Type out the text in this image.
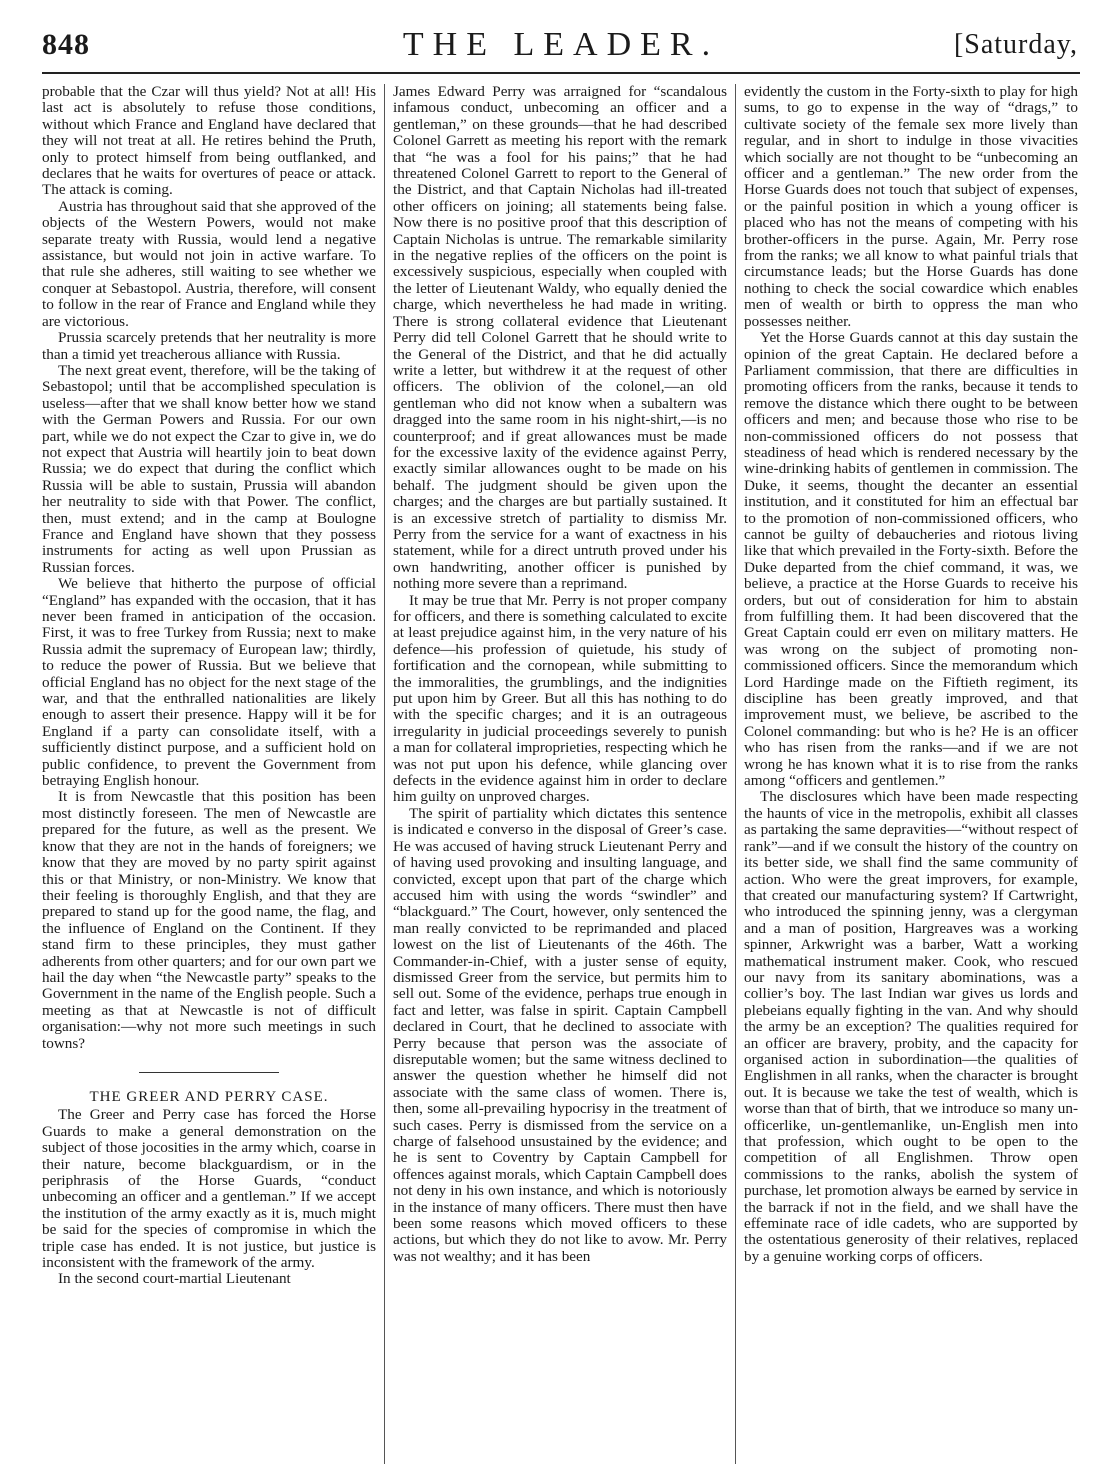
848	THE LEADER.	[Saturday,

probable that the Czar will thus yield? Not at all! His last act is absolutely to refuse those conditions, without which France and England have declared that they will not treat at all. He retires behind the Pruth, only to protect himself from being outflanked, and declares that he waits for overtures of peace or attack. The attack is coming.

Austria has throughout said that she approved of the objects of the Western Powers, would not make separate treaty with Russia, would lend a negative assistance, but would not join in active warfare. To that rule she adheres, still waiting to see whether we conquer at Sebastopol. Austria, therefore, will consent to follow in the rear of France and England while they are victorious.

Prussia scarcely pretends that her neutrality is more than a timid yet treacherous alliance with Russia.

The next great event, therefore, will be the taking of Sebastopol; until that be accomplished speculation is useless—after that we shall know better how we stand with the German Powers and Russia. For our own part, while we do not expect the Czar to give in, we do not expect that Austria will heartily join to beat down Russia; we do expect that during the conflict which Russia will be able to sustain, Prussia will abandon her neutrality to side with that Power. The conflict, then, must extend; and in the camp at Boulogne France and England have shown that they possess instruments for acting as well upon Prussian as Russian forces.

We believe that hitherto the purpose of official “England” has expanded with the occasion, that it has never been framed in anticipation of the occasion. First, it was to free Turkey from Russia; next to make Russia admit the supremacy of European law; thirdly, to reduce the power of Russia. But we believe that official England has no object for the next stage of the war, and that the enthralled nationalities are likely enough to assert their presence. Happy will it be for England if a party can consolidate itself, with a sufficiently distinct purpose, and a sufficient hold on public confidence, to prevent the Government from betraying English honour.

It is from Newcastle that this position has been most distinctly foreseen. The men of Newcastle are prepared for the future, as well as the present. We know that they are not in the hands of foreigners; we know that they are moved by no party spirit against this or that Ministry, or non-Ministry. We know that their feeling is thoroughly English, and that they are prepared to stand up for the good name, the flag, and the influence of England on the Continent. If they stand firm to these principles, they must gather adherents from other quarters; and for our own part we hail the day when “the Newcastle party” speaks to the Government in the name of the English people. Such a meeting as that at Newcastle is not of difficult organisation:—why not more such meetings in such towns?

THE GREER AND PERRY CASE.

The Greer and Perry case has forced the Horse Guards to make a general demonstration on the subject of those jocosities in the army which, coarse in their nature, become blackguardism, or in the periphrasis of the Horse Guards, “conduct unbecoming an officer and a gentleman.” If we accept the institution of the army exactly as it is, much might be said for the species of compromise in which the triple case has ended. It is not justice, but justice is inconsistent with the framework of the army.

In the second court-martial Lieutenant

James Edward Perry was arraigned for “scandalous infamous conduct, unbecoming an officer and a gentleman,” on these grounds—that he had described Colonel Garrett as meeting his report with the remark that “he was a fool for his pains;” that he had threatened Colonel Garrett to report to the General of the District, and that Captain Nicholas had ill-treated other officers on joining; all statements being false. Now there is no positive proof that this description of Captain Nicholas is untrue. The remarkable similarity in the negative replies of the officers on the point is excessively suspicious, especially when coupled with the letter of Lieutenant Waldy, who equally denied the charge, which nevertheless he had made in writing. There is strong collateral evidence that Lieutenant Perry did tell Colonel Garrett that he should write to the General of the District, and that he did actually write a letter, but withdrew it at the request of other officers. The oblivion of the colonel,—an old gentleman who did not know when a subaltern was dragged into the same room in his night-shirt,—is no counterproof; and if great allowances must be made for the excessive laxity of the evidence against Perry, exactly similar allowances ought to be made on his behalf. The judgment should be given upon the charges; and the charges are but partially sustained. It is an excessive stretch of partiality to dismiss Mr. Perry from the service for a want of exactness in his statement, while for a direct untruth proved under his own handwriting, another officer is punished by nothing more severe than a reprimand.

It may be true that Mr. Perry is not proper company for officers, and there is something calculated to excite at least prejudice against him, in the very nature of his defence—his profession of quietude, his study of fortification and the cornopean, while submitting to the immoralities, the grumblings, and the indignities put upon him by Greer. But all this has nothing to do with the specific charges; and it is an outrageous irregularity in judicial proceedings severely to punish a man for collateral improprieties, respecting which he was not put upon his defence, while glancing over defects in the evidence against him in order to declare him guilty on unproved charges.

The spirit of partiality which dictates this sentence is indicated e converso in the disposal of Greer’s case. He was accused of having struck Lieutenant Perry and of having used provoking and insulting language, and convicted, except upon that part of the charge which accused him with using the words “swindler” and “blackguard.” The Court, however, only sentenced the man really convicted to be reprimanded and placed lowest on the list of Lieutenants of the 46th. The Commander-in-Chief, with a juster sense of equity, dismissed Greer from the service, but permits him to sell out. Some of the evidence, perhaps true enough in fact and letter, was false in spirit. Captain Campbell declared in Court, that he declined to associate with Perry because that person was the associate of disreputable women; but the same witness declined to answer the question whether he himself did not associate with the same class of women. There is, then, some all-prevailing hypocrisy in the treatment of such cases. Perry is dismissed from the service on a charge of falsehood unsustained by the evidence; and he is sent to Coventry by Captain Campbell for offences against morals, which Captain Campbell does not deny in his own instance, and which is notoriously in the instance of many officers. There must then have been some reasons which moved officers to these actions, but which they do not like to avow. Mr. Perry was not wealthy; and it has been

evidently the custom in the Forty-sixth to play for high sums, to go to expense in the way of “drags,” to cultivate society of the female sex more lively than regular, and in short to indulge in those vivacities which socially are not thought to be “unbecoming an officer and a gentleman.” The new order from the Horse Guards does not touch that subject of expenses, or the painful position in which a young officer is placed who has not the means of competing with his brother-officers in the purse. Again, Mr. Perry rose from the ranks; we all know to what painful trials that circumstance leads; but the Horse Guards has done nothing to check the social cowardice which enables men of wealth or birth to oppress the man who possesses neither.

Yet the Horse Guards cannot at this day sustain the opinion of the great Captain. He declared before a Parliament commission, that there are difficulties in promoting officers from the ranks, because it tends to remove the distance which there ought to be between officers and men; and because those who rise to be non-commissioned officers do not possess that steadiness of head which is rendered necessary by the wine-drinking habits of gentlemen in commission. The Duke, it seems, thought the decanter an essential institution, and it constituted for him an effectual bar to the promotion of non-commissioned officers, who cannot be guilty of debaucheries and riotous living like that which prevailed in the Forty-sixth. Before the Duke departed from the chief command, it was, we believe, a practice at the Horse Guards to receive his orders, but out of consideration for him to abstain from fulfilling them. It had been discovered that the Great Captain could err even on military matters. He was wrong on the subject of promoting non-commissioned officers. Since the memorandum which Lord Hardinge made on the Fiftieth regiment, its discipline has been greatly improved, and that improvement must, we believe, be ascribed to the Colonel commanding: but who is he? He is an officer who has risen from the ranks—and if we are not wrong he has known what it is to rise from the ranks among “officers and gentlemen.”

The disclosures which have been made respecting the haunts of vice in the metropolis, exhibit all classes as partaking the same depravities—“without respect of rank”—and if we consult the history of the country on its better side, we shall find the same community of action. Who were the great improvers, for example, that created our manufacturing system? If Cartwright, who introduced the spinning jenny, was a clergyman and a man of position, Hargreaves was a working spinner, Arkwright was a barber, Watt a working mathematical instrument maker. Cook, who rescued our navy from its sanitary abominations, was a collier’s boy. The last Indian war gives us lords and plebeians equally fighting in the van. And why should the army be an exception? The qualities required for an officer are bravery, probity, and the capacity for organised action in subordination—the qualities of Englishmen in all ranks, when the character is brought out. It is because we take the test of wealth, which is worse than that of birth, that we introduce so many un-officerlike, un-gentlemanlike, un-English men into that profession, which ought to be open to the competition of all Englishmen. Throw open commissions to the ranks, abolish the system of purchase, let promotion always be earned by service in the barrack if not in the field, and we shall have the effeminate race of idle cadets, who are supported by the ostentatious generosity of their relatives, replaced by a genuine working corps of officers.
